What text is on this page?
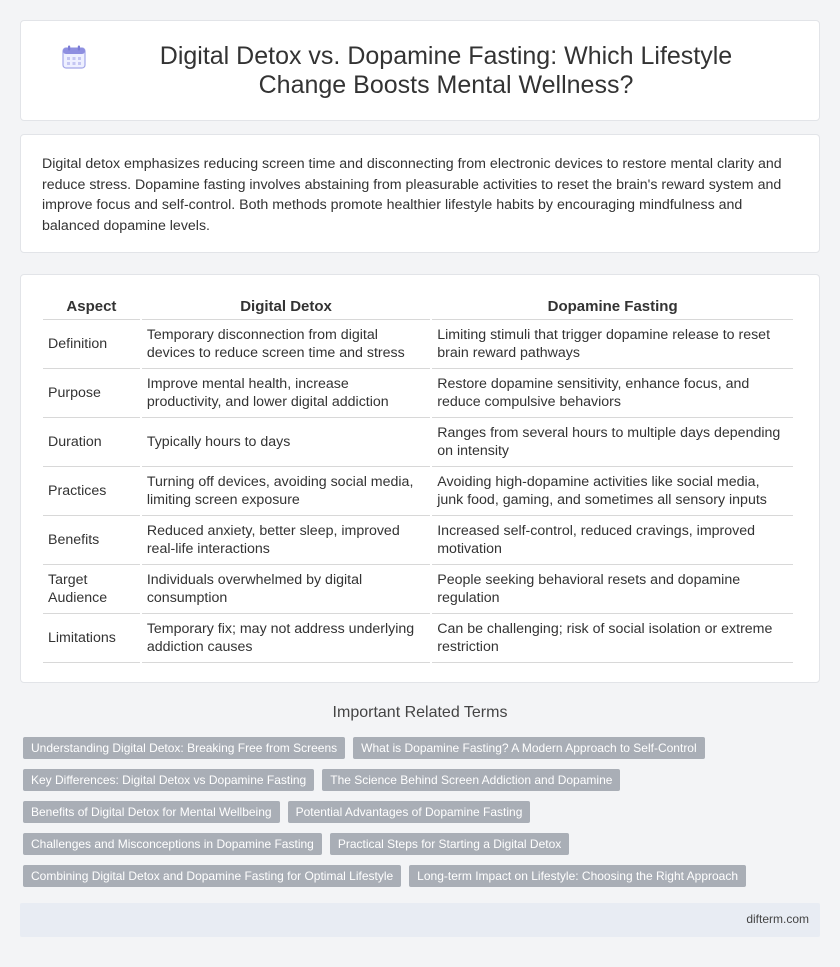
Digital Detox vs. Dopamine Fasting: Which Lifestyle Change Boosts Mental Wellness?

Digital detox emphasizes reducing screen time and disconnecting from electronic devices to restore mental clarity and reduce stress. Dopamine fasting involves abstaining from pleasurable activities to reset the brain's reward system and improve focus and self-control. Both methods promote healthier lifestyle habits by encouraging mindfulness and balanced dopamine levels.

Aspect	Digital Detox	Dopamine Fasting
Definition	Temporary disconnection from digital devices to reduce screen time and stress	Limiting stimuli that trigger dopamine release to reset brain reward pathways
Purpose	Improve mental health, increase productivity, and lower digital addiction	Restore dopamine sensitivity, enhance focus, and reduce compulsive behaviors
Duration	Typically hours to days	Ranges from several hours to multiple days depending on intensity
Practices	Turning off devices, avoiding social media, limiting screen exposure	Avoiding high-dopamine activities like social media, junk food, gaming, and sometimes all sensory inputs
Benefits	Reduced anxiety, better sleep, improved real-life interactions	Increased self-control, reduced cravings, improved motivation
Target Audience	Individuals overwhelmed by digital consumption	People seeking behavioral resets and dopamine regulation
Limitations	Temporary fix; may not address underlying addiction causes	Can be challenging; risk of social isolation or extreme restriction
Important Related Terms
Understanding Digital Detox: Breaking Free from Screens	What is Dopamine Fasting? A Modern Approach to Self-Control
Key Differences: Digital Detox vs Dopamine Fasting	The Science Behind Screen Addiction and Dopamine
Benefits of Digital Detox for Mental Wellbeing	Potential Advantages of Dopamine Fasting
Challenges and Misconceptions in Dopamine Fasting	Practical Steps for Starting a Digital Detox
Combining Digital Detox and Dopamine Fasting for Optimal Lifestyle	Long-term Impact on Lifestyle: Choosing the Right Approach
difterm.com
